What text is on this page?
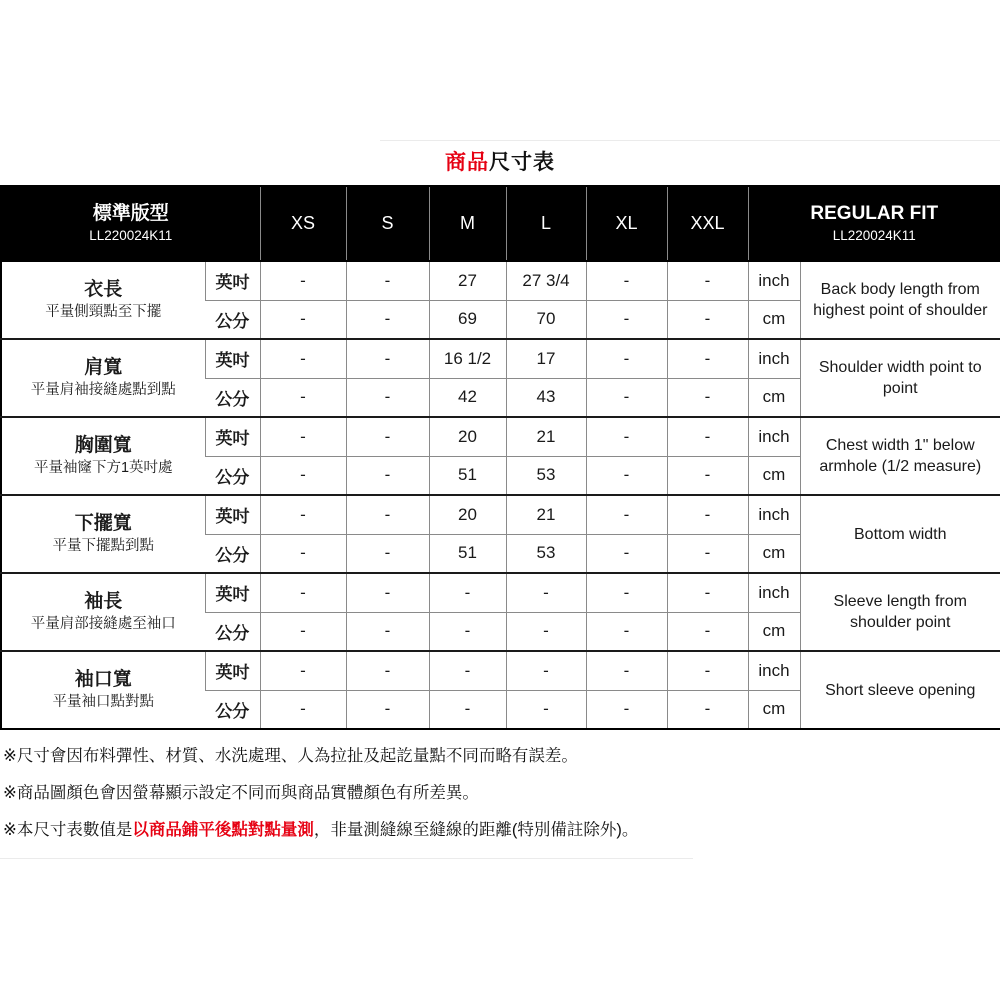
商品尺寸表
標準版型
LL220024K11
	XS	S	M	L	XL	XXL	REGULAR FIT
LL220024K11

衣長
平量側頸點至下擺	英吋	-	-	27	27 3/4	-	-	inch	Back body length from highest point of shoulder
	公分	-	-	69	70	-	-	cm	

肩寬
平量肩袖接縫處點到點	英吋	-	-	16 1/2	17	-	-	inch	Shoulder width point to point
	公分	-	-	42	43	-	-	cm	

胸圍寬
平量袖窿下方1英吋處	英吋	-	-	20	21	-	-	inch	Chest width 1" below armhole (1/2 measure)
	公分	-	-	51	53	-	-	cm	

下擺寬
平量下擺點到點	英吋	-	-	20	21	-	-	inch	Bottom width
	公分	-	-	51	53	-	-	cm	

袖長
平量肩部接縫處至袖口	英吋	-	-	-	-	-	-	inch	Sleeve length from shoulder point
	公分	-	-	-	-	-	-	cm	

袖口寬
平量袖口點對點	英吋	-	-	-	-	-	-	inch	Short sleeve opening
	公分	-	-	-	-	-	-	cm	

※尺寸會因布料彈性、材質、水洗處理、人為拉扯及起訖量點不同而略有誤差。

※商品圖顏色會因螢幕顯示設定不同而與商品實體顏色有所差異。

※本尺寸表數值是以商品鋪平後點對點量測，非量測縫線至縫線的距離(特別備註除外)。
